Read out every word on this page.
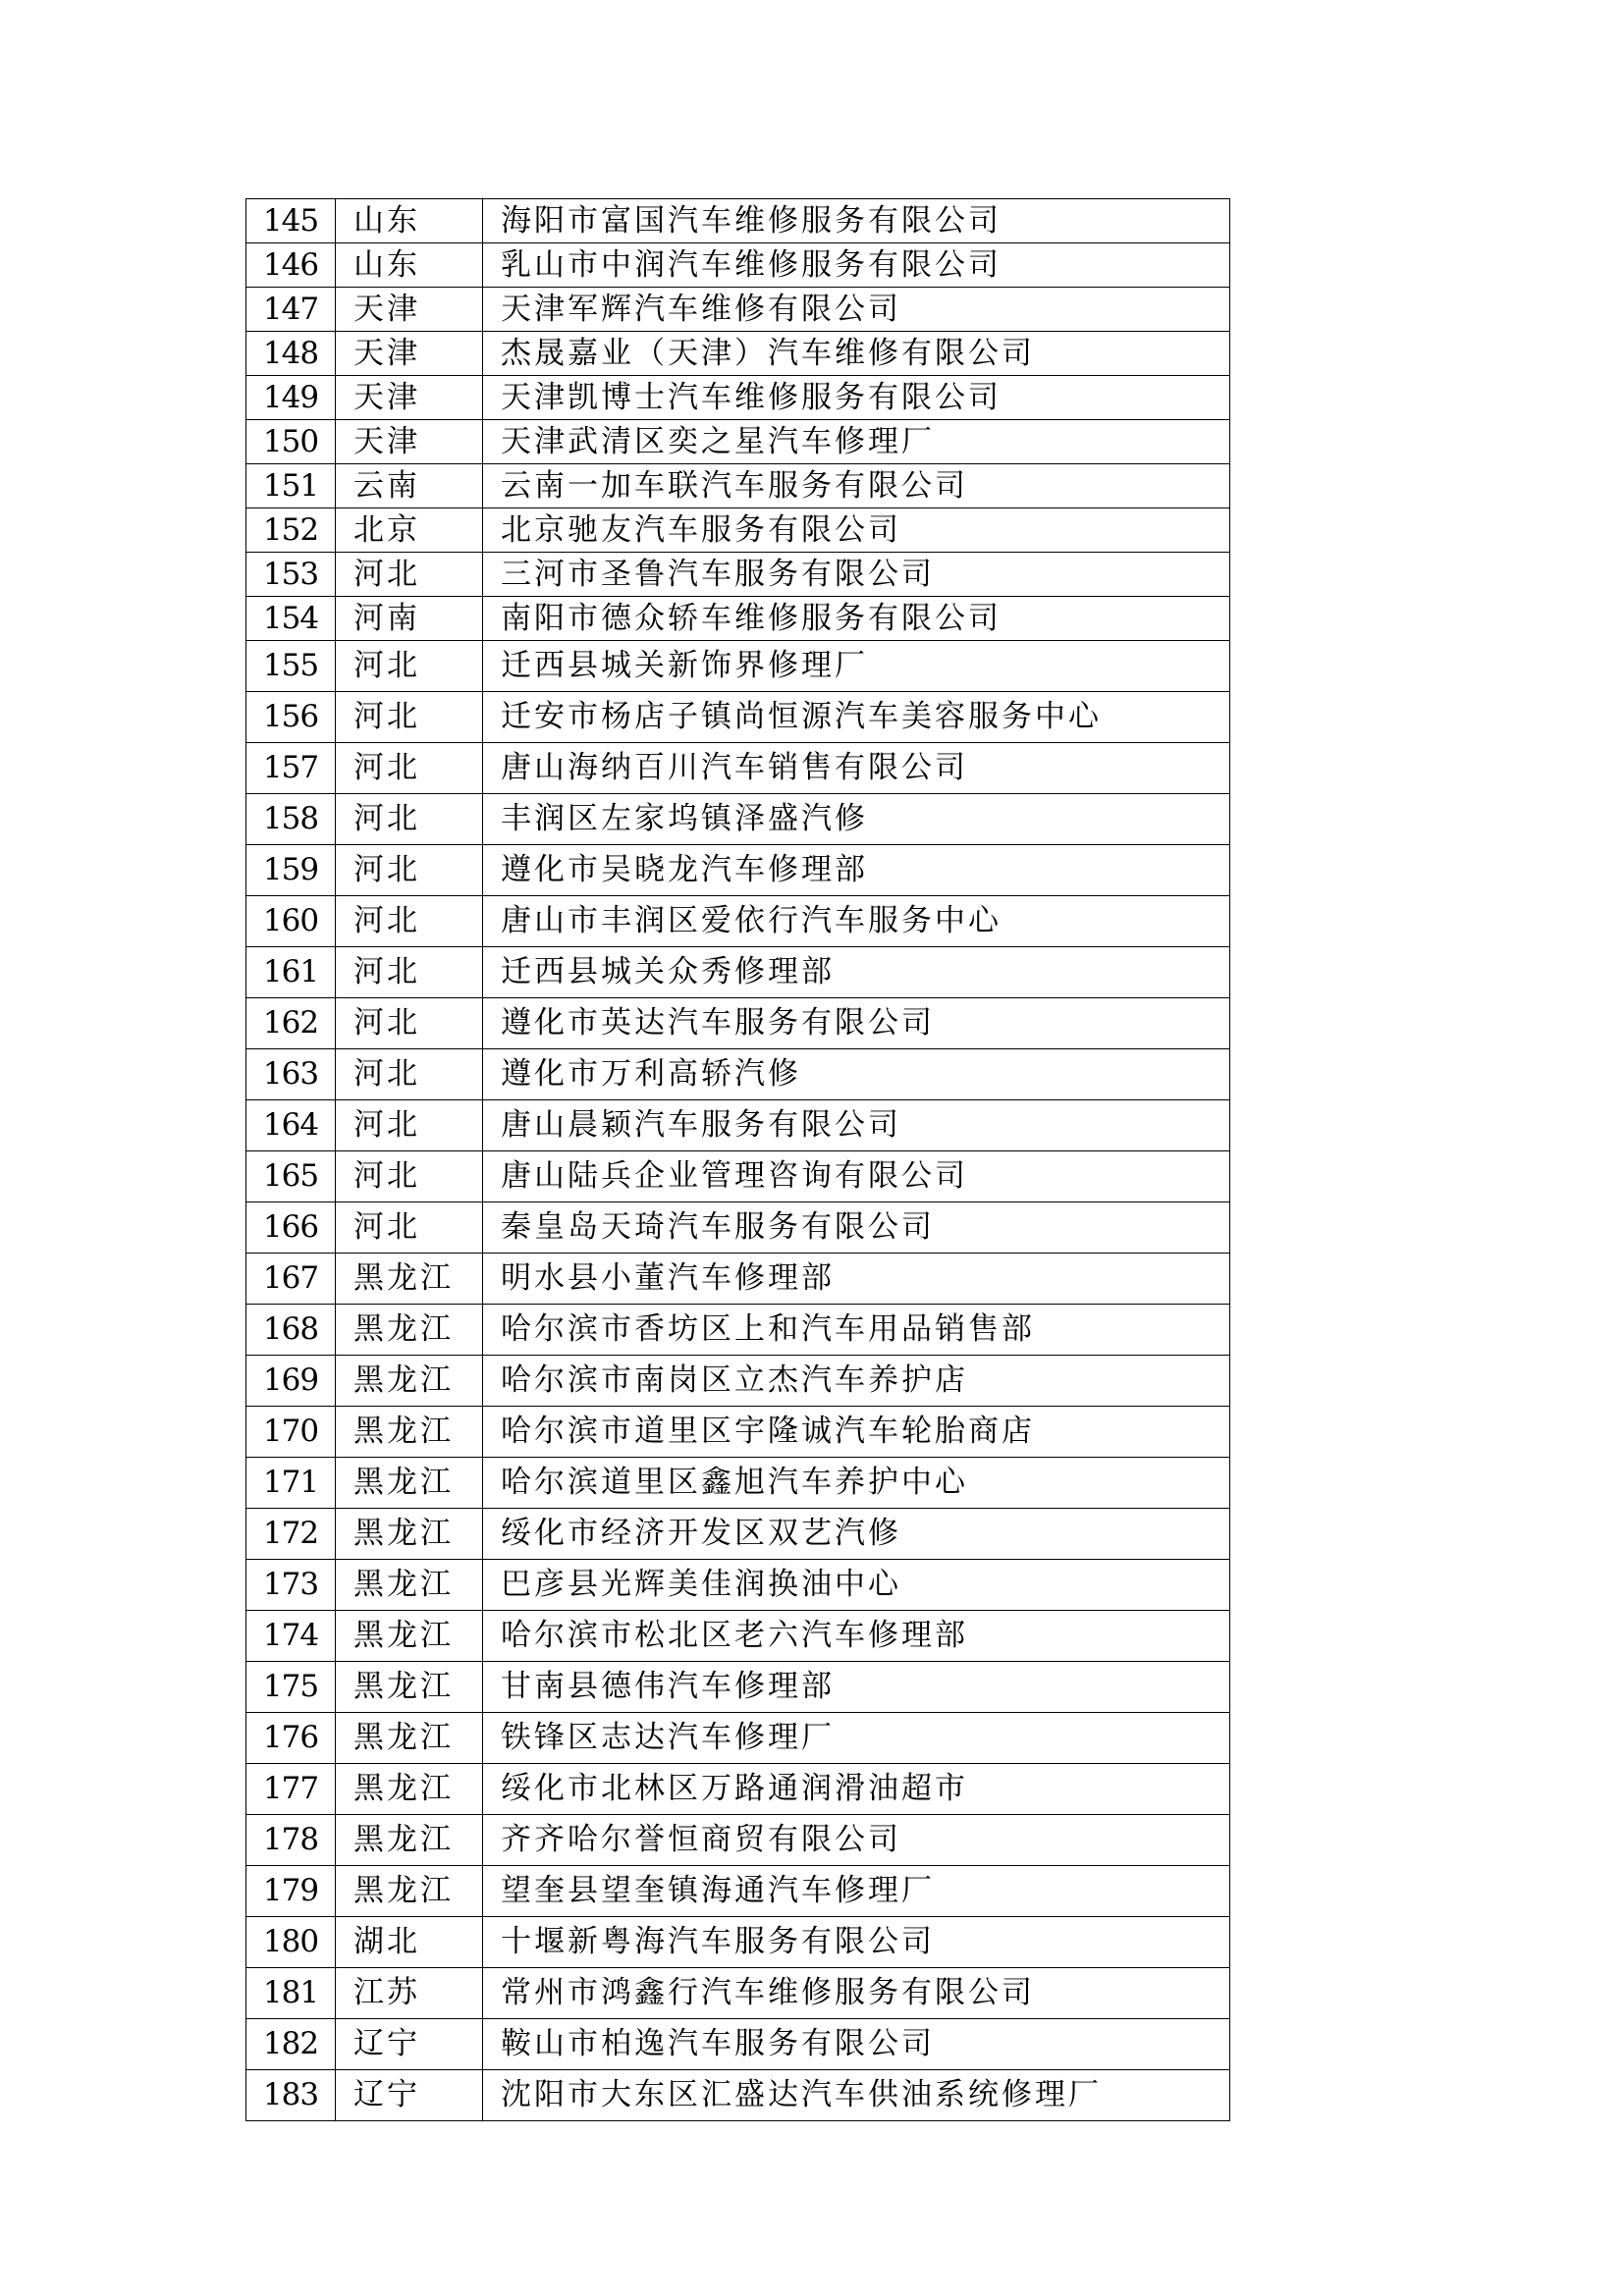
145	山东	海阳市富国汽车维修服务有限公司
146	山东	乳山市中润汽车维修服务有限公司
147	天津	天津军辉汽车维修有限公司
148	天津	杰晟嘉业（天津）汽车维修有限公司
149	天津	天津凯博士汽车维修服务有限公司
150	天津	天津武清区奕之星汽车修理厂
151	云南	云南一加车联汽车服务有限公司
152	北京	北京驰友汽车服务有限公司
153	河北	三河市圣鲁汽车服务有限公司
154	河南	南阳市德众轿车维修服务有限公司
155	河北	迁西县城关新饰界修理厂
156	河北	迁安市杨店子镇尚恒源汽车美容服务中心
157	河北	唐山海纳百川汽车销售有限公司
158	河北	丰润区左家坞镇泽盛汽修
159	河北	遵化市吴晓龙汽车修理部
160	河北	唐山市丰润区爱依行汽车服务中心
161	河北	迁西县城关众秀修理部
162	河北	遵化市英达汽车服务有限公司
163	河北	遵化市万利高轿汽修
164	河北	唐山晨颖汽车服务有限公司
165	河北	唐山陆兵企业管理咨询有限公司
166	河北	秦皇岛天琦汽车服务有限公司
167	黑龙江	明水县小董汽车修理部
168	黑龙江	哈尔滨市香坊区上和汽车用品销售部
169	黑龙江	哈尔滨市南岗区立杰汽车养护店
170	黑龙江	哈尔滨市道里区宇隆诚汽车轮胎商店
171	黑龙江	哈尔滨道里区鑫旭汽车养护中心
172	黑龙江	绥化市经济开发区双艺汽修
173	黑龙江	巴彦县光辉美佳润换油中心
174	黑龙江	哈尔滨市松北区老六汽车修理部
175	黑龙江	甘南县德伟汽车修理部
176	黑龙江	铁锋区志达汽车修理厂
177	黑龙江	绥化市北林区万路通润滑油超市
178	黑龙江	齐齐哈尔誉恒商贸有限公司
179	黑龙江	望奎县望奎镇海通汽车修理厂
180	湖北	十堰新粤海汽车服务有限公司
181	江苏	常州市鸿鑫行汽车维修服务有限公司
182	辽宁	鞍山市柏逸汽车服务有限公司
183	辽宁	沈阳市大东区汇盛达汽车供油系统修理厂
